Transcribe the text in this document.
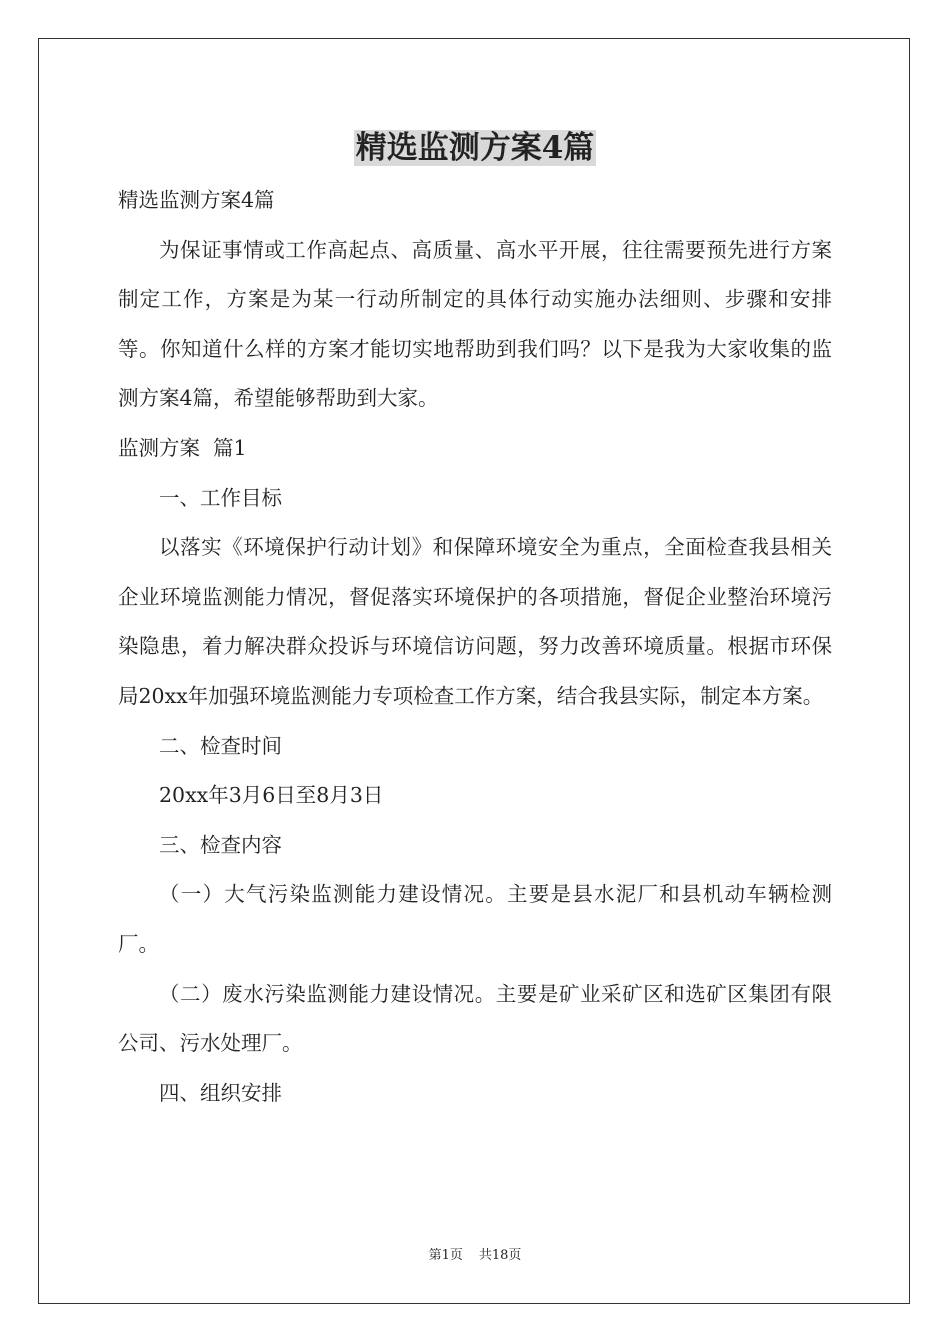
精选监测方案4篇

精选监测方案4篇

为保证事情或工作高起点、高质量、高水平开展，往往需要预先进行方案制定工作，方案是为某一行动所制定的具体行动实施办法细则、步骤和安排等。你知道什么样的方案才能切实地帮助到我们吗？以下是我为大家收集的监测方案4篇，希望能够帮助到大家。

监测方案  篇1

一、工作目标

以落实《环境保护行动计划》和保障环境安全为重点，全面检查我县相关企业环境监测能力情况，督促落实环境保护的各项措施，督促企业整治环境污染隐患，着力解决群众投诉与环境信访问题，努力改善环境质量。根据市环保局20xx年加强环境监测能力专项检查工作方案，结合我县实际，制定本方案。

二、检查时间

20xx年3月6日至8月3日

三、检查内容

（一）大气污染监测能力建设情况。主要是县水泥厂和县机动车辆检测厂。

（二）废水污染监测能力建设情况。主要是矿业采矿区和选矿区集团有限公司、污水处理厂。

四、组织安排

第1页 共18页
